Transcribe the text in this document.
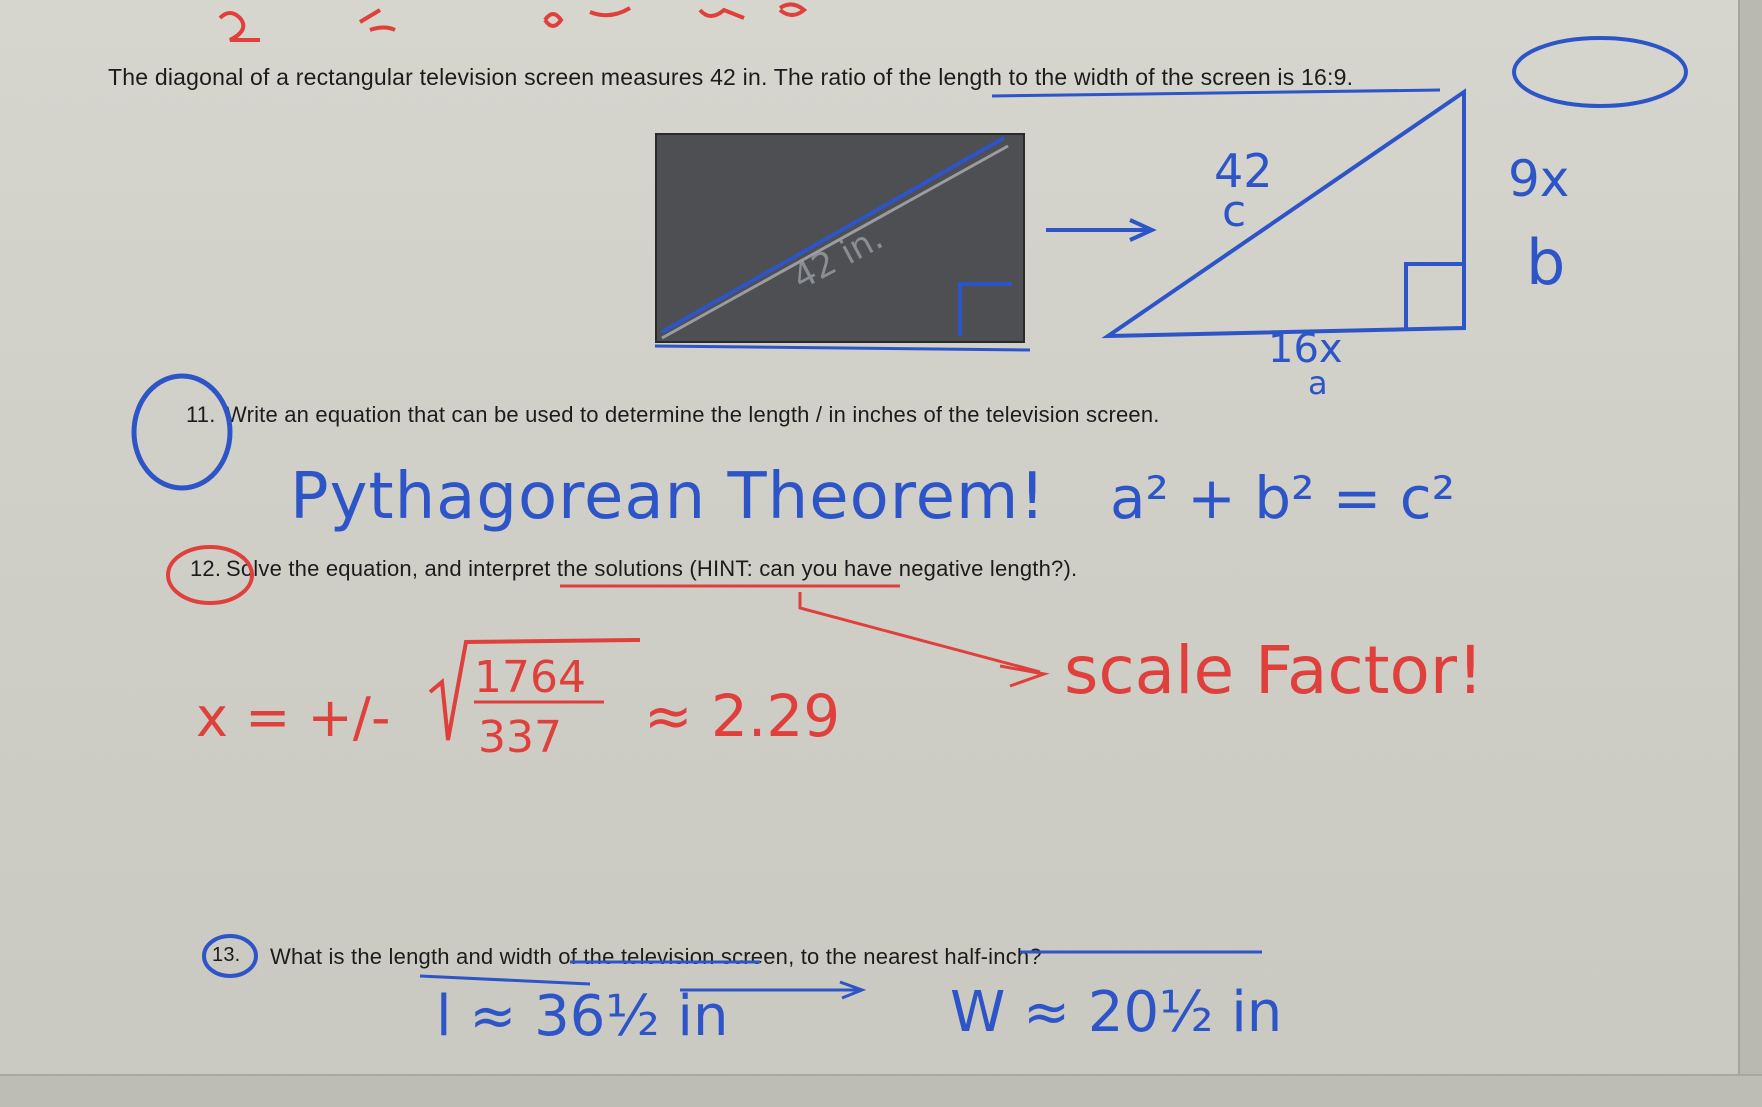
The diagonal of a rectangular television screen measures 42 in. The ratio of the length to the width of the screen is 16:9.
42 in.
11. Write an equation that can be used to determine the length / in inches of the television screen.
12. Solve the equation, and interpret the solutions (HINT: can you have negative length?).
13. What is the length and width of the television screen, to the nearest half-inch?
42
c
9x
b
16x
a
Pythagorean Theorem! a² + b² = c²
x = +/-
1764
337 ≈ 2.29
scale Factor!
l ≈ 36½ in	W ≈ 20½ in
